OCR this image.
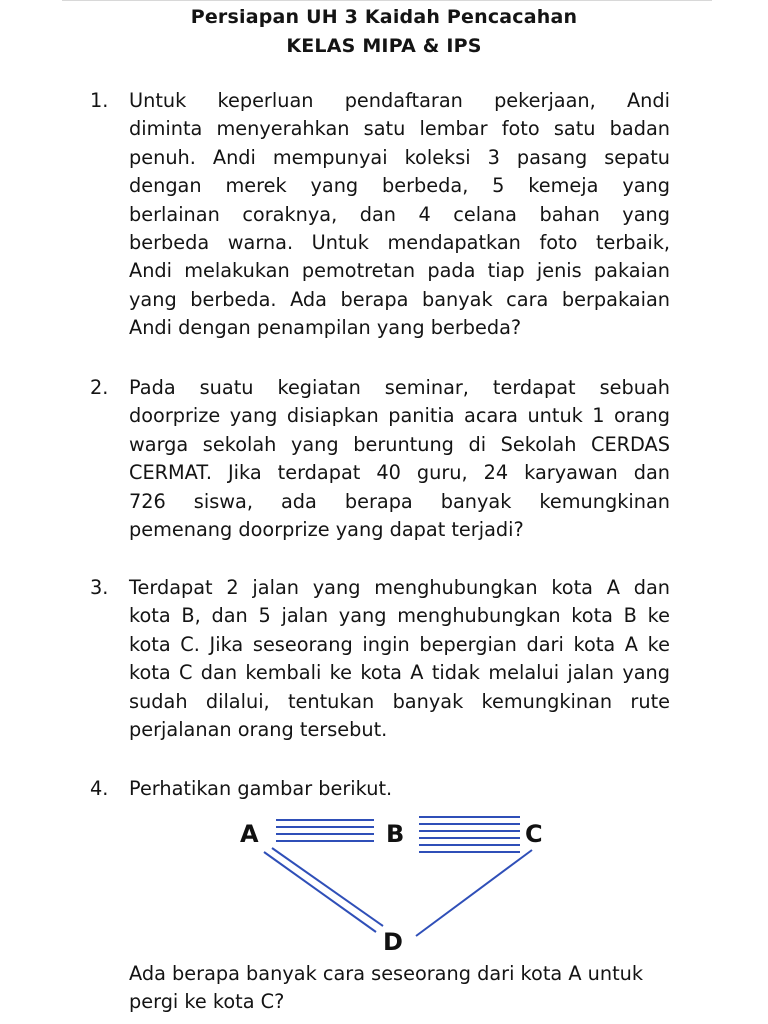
Persiapan UH 3 Kaidah Pencacahan
KELAS MIPA & IPS
1. Untuk keperluan pendaftaran pekerjaan, Andi
diminta menyerahkan satu lembar foto satu badan
penuh. Andi mempunyai koleksi 3 pasang sepatu
dengan merek yang berbeda, 5 kemeja yang
berlainan coraknya, dan 4 celana bahan yang
berbeda warna. Untuk mendapatkan foto terbaik,
Andi melakukan pemotretan pada tiap jenis pakaian
yang berbeda. Ada berapa banyak cara berpakaian
Andi dengan penampilan yang berbeda?
2. Pada suatu kegiatan seminar, terdapat sebuah
doorprize yang disiapkan panitia acara untuk 1 orang
warga sekolah yang beruntung di Sekolah CERDAS
CERMAT. Jika terdapat 40 guru, 24 karyawan dan
726 siswa, ada berapa banyak kemungkinan
pemenang doorprize yang dapat terjadi?
3. Terdapat 2 jalan yang menghubungkan kota A dan
kota B, dan 5 jalan yang menghubungkan kota B ke
kota C. Jika seseorang ingin bepergian dari kota A ke
kota C dan kembali ke kota A tidak melalui jalan yang
sudah dilalui, tentukan banyak kemungkinan rute
perjalanan orang tersebut.
4. Perhatikan gambar berikut.
A	B	C
D
Ada berapa banyak cara seseorang dari kota A untuk
pergi ke kota C?
